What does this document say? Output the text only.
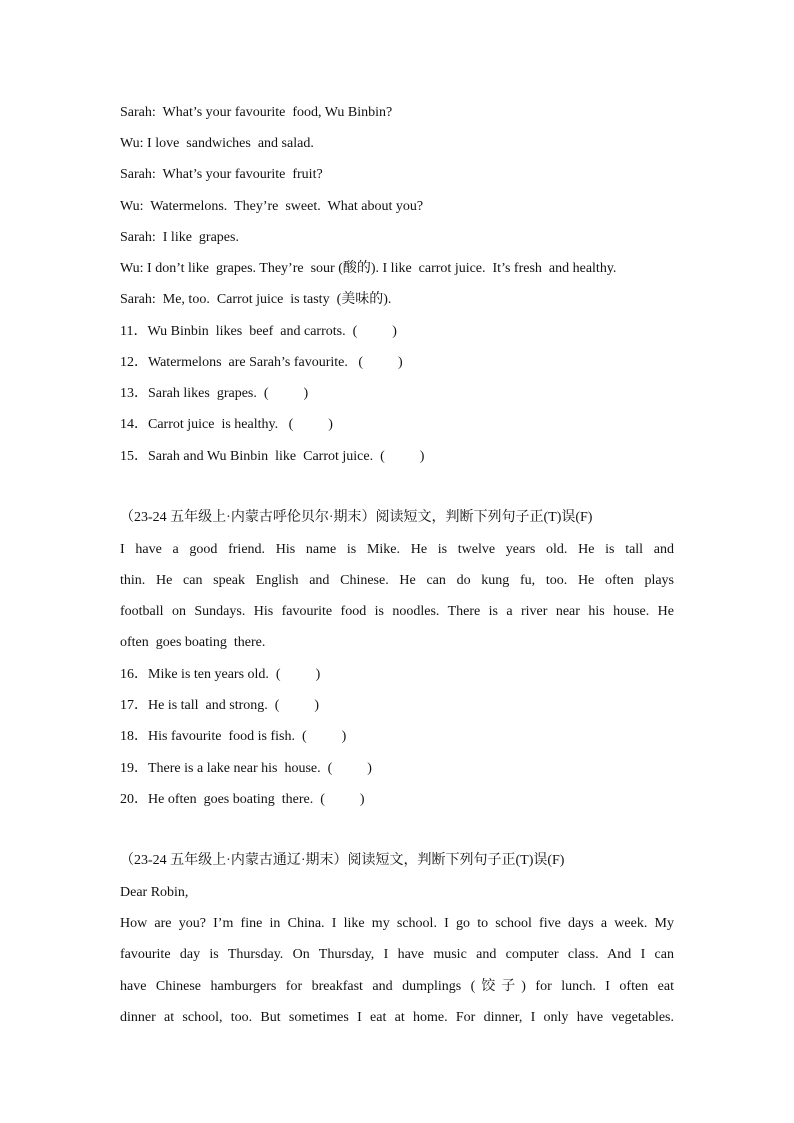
Sarah:  What’s your favourite  food, Wu Binbin?
Wu: I love  sandwiches  and salad.
Sarah:  What’s your favourite  fruit?
Wu:  Watermelons.  They’re  sweet.  What about you?
Sarah:  I like  grapes.
Wu: I don’t like  grapes. They’re  sour (酸的). I like  carrot juice.  It’s fresh  and healthy.
Sarah:  Me, too.  Carrot juice  is tasty  (美味的).
11．Wu Binbin  likes  beef  and carrots.  (          )
12．Watermelons  are Sarah’s favourite.   (          )
13．Sarah likes  grapes.  (          )
14．Carrot juice  is healthy.   (          )
15．Sarah and Wu Binbin  like  Carrot juice.  (          )
（23-24 五年级上·内蒙古呼伦贝尔·期末）阅读短文，判断下列句子正(T)误(F)
I have a good friend. His name is Mike. He is twelve years old. He is tall and
thin. He can speak English and Chinese. He can do kung fu, too. He often plays
football on Sundays. His favourite food is noodles. There is a river near his house. He
often  goes boating  there.
16．Mike is ten years old.  (          )
17．He is tall  and strong.  (          )
18．His favourite  food is fish.  (          )
19．There is a lake near his  house.  (          )
20．He often  goes boating  there.  (          )
（23-24 五年级上·内蒙古通辽·期末）阅读短文，判断下列句子正(T)误(F)
Dear Robin,
How are you? I’m fine in China. I like my school. I go to school five days a week. My
favourite day is Thursday. On Thursday, I have music and computer class. And I can
have Chinese hamburgers for breakfast and dumplings (饺子) for lunch. I often eat
dinner at school, too. But sometimes I eat at home. For dinner, I only have vegetables.
